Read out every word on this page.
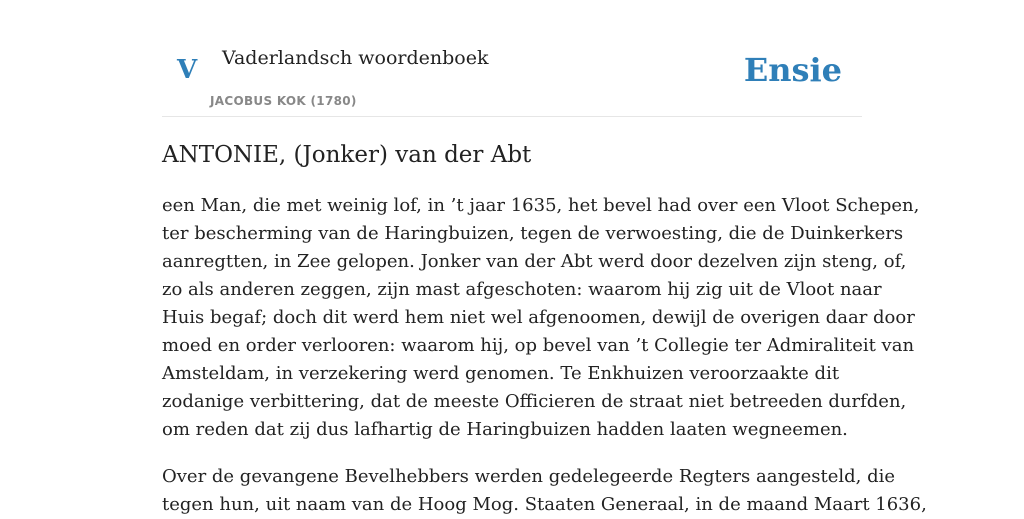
V Vaderlandsch woordenboek
JACOBUS KOK (1780)
Ensie
ANTONIE, (Jonker) van der Abt

een Man, die met weinig lof, in ’t jaar 1635, het bevel had over een Vloot Schepen,
ter bescherming van de Haringbuizen, tegen de verwoesting, die de Duinkerkers
aanregtten, in Zee gelopen. Jonker van der Abt werd door dezelven zijn steng, of,
zo als anderen zeggen, zijn mast afgeschoten: waarom hij zig uit de Vloot naar
Huis begaf; doch dit werd hem niet wel afgenoomen, dewijl de overigen daar door
moed en order verlooren: waarom hij, op bevel van ’t Collegie ter Admiraliteit van
Amsteldam, in verzekering werd genomen. Te Enkhuizen veroorzaakte dit
zodanige verbittering, dat de meeste Officieren de straat niet betreeden durfden,
om reden dat zij dus lafhartig de Haringbuizen hadden laaten wegneemen.

Over de gevangene Bevelhebbers werden gedelegeerde Regters aangesteld, die
tegen hun, uit naam van de Hoog Mog. Staaten Generaal, in de maand Maart 1636,
